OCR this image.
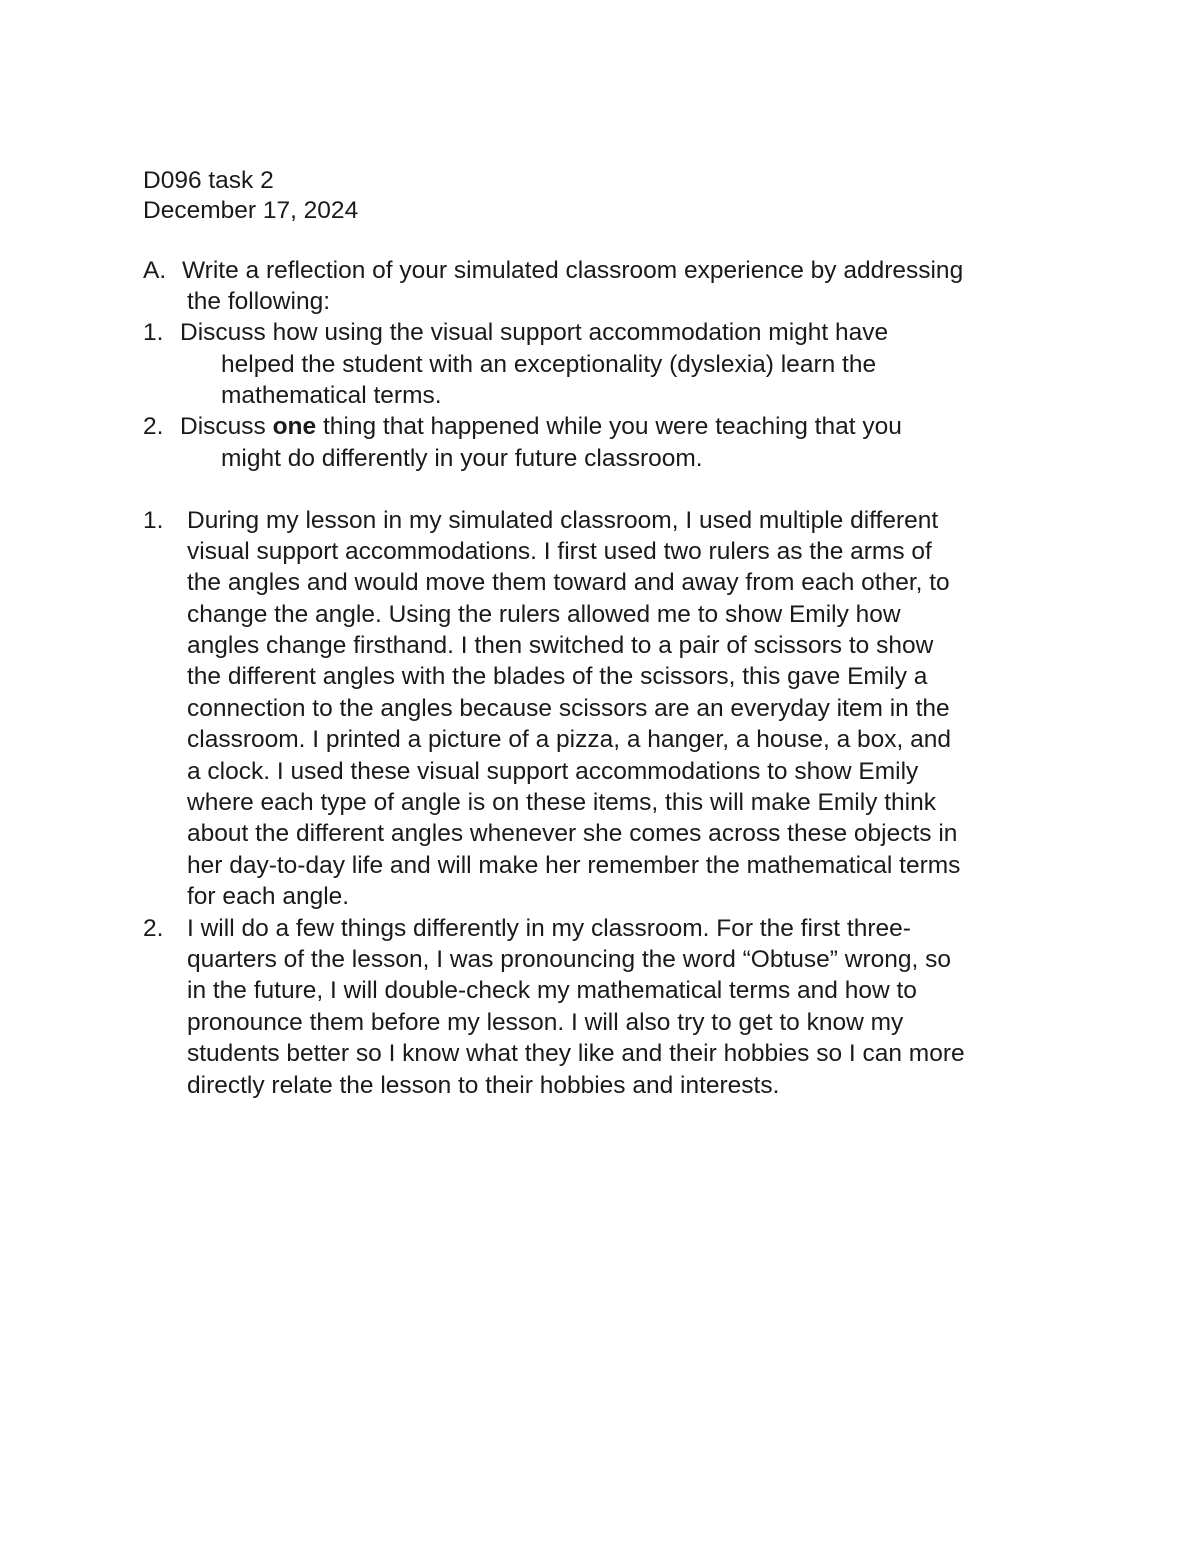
D096 task 2

December 17, 2024

A. Write a reflection of your simulated classroom experience by addressing

the following:

1. Discuss how using the visual support accommodation might have

helped the student with an exceptionality (dyslexia) learn the

mathematical terms.

2. Discuss one thing that happened while you were teaching that you

might do differently in your future classroom.

1. During my lesson in my simulated classroom, I used multiple different

visual support accommodations. I first used two rulers as the arms of

the angles and would move them toward and away from each other, to

change the angle. Using the rulers allowed me to show Emily how

angles change firsthand. I then switched to a pair of scissors to show

the different angles with the blades of the scissors, this gave Emily a

connection to the angles because scissors are an everyday item in the

classroom. I printed a picture of a pizza, a hanger, a house, a box, and

a clock. I used these visual support accommodations to show Emily

where each type of angle is on these items, this will make Emily think

about the different angles whenever she comes across these objects in

her day-to-day life and will make her remember the mathematical terms

for each angle.

2. I will do a few things differently in my classroom. For the first three-

quarters of the lesson, I was pronouncing the word “Obtuse” wrong, so

in the future, I will double-check my mathematical terms and how to

pronounce them before my lesson. I will also try to get to know my

students better so I know what they like and their hobbies so I can more

directly relate the lesson to their hobbies and interests.
